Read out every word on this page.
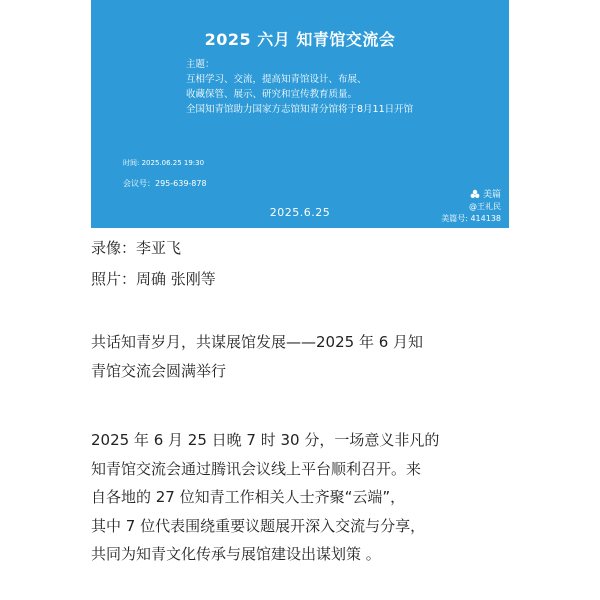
2025 六月 知青馆交流会
主题：
互相学习、交流，提高知青馆设计、布展、
收藏保管、展示、研究和宣传教育质量。
全国知青馆助力国家方志馆知青分馆将于8月11日开馆
时间: 2025.06.25 19:30
会议号：295-639-878
美篇
@王礼民
美篇号: 414138
2025.6.25
录像：李亚飞
照片：周确 张刚等
共话知青岁月，共谋展馆发展——2025 年 6 月知
青馆交流会圆满举行
2025 年 6 月 25 日晚 7 时 30 分，一场意义非凡的
知青馆交流会通过腾讯会议线上平台顺利召开。来
自各地的 27 位知青工作相关人士齐聚“云端”，
其中 7 位代表围绕重要议题展开深入交流与分享，
共同为知青文化传承与展馆建设出谋划策 。
